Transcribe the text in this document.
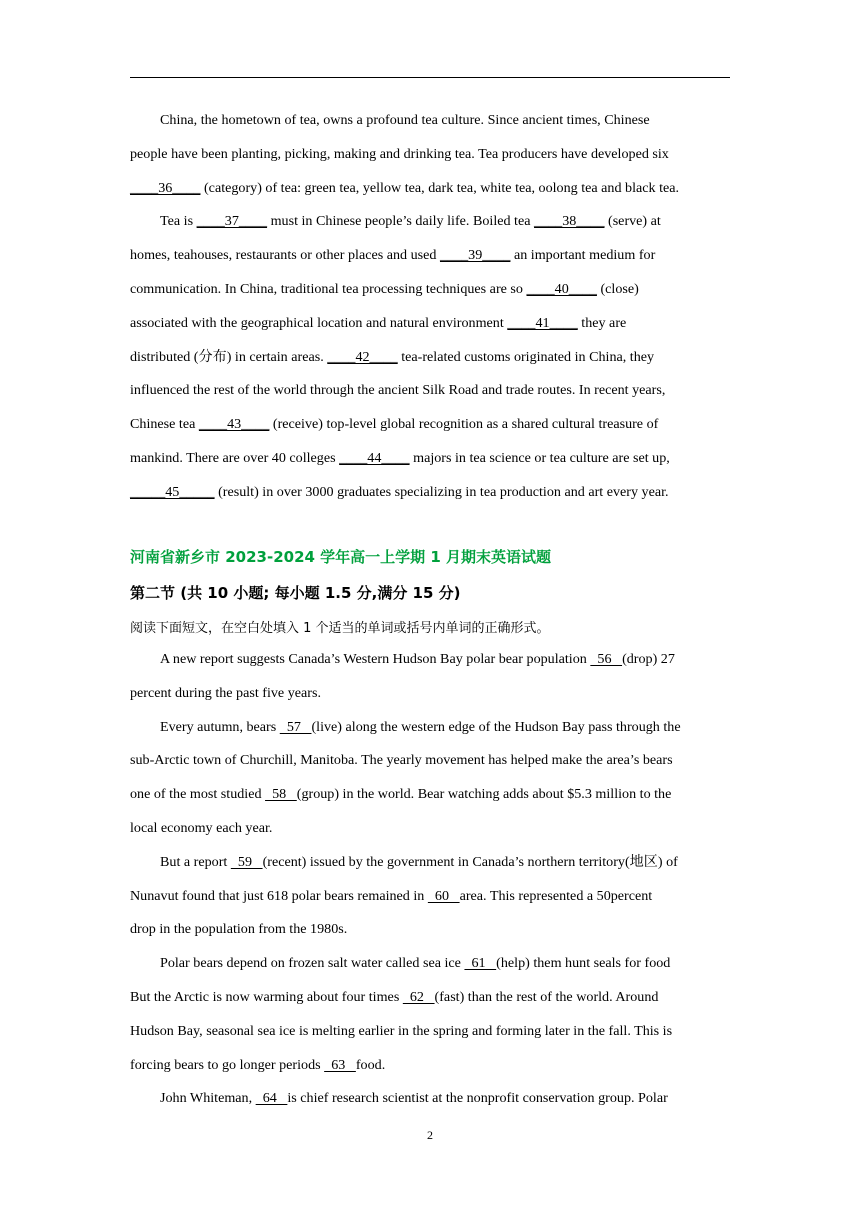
China, the hometown of tea, owns a profound tea culture. Since ancient times, Chinese
people have been planting, picking, making and drinking tea. Tea producers have developed six
____36____ (category) of tea: green tea, yellow tea, dark tea, white tea, oolong tea and black tea.
Tea is ____37____ must in Chinese people’s daily life. Boiled tea ____38____ (serve) at
homes, teahouses, restaurants or other places and used ____39____ an important medium for
communication. In China, traditional tea processing techniques are so ____40____ (close)
associated with the geographical location and natural environment ____41____ they are
distributed (分布) in certain areas. ____42____ tea-related customs originated in China, they
influenced the rest of the world through the ancient Silk Road and trade routes. In recent years,
Chinese tea ____43____ (receive) top-level global recognition as a shared cultural treasure of
mankind. There are over 40 colleges ____44____ majors in tea science or tea culture are set up,
_____45_____ (result) in over 3000 graduates specializing in tea production and art every year.
河南省新乡市 2023-2024 学年高一上学期 1 月期末英语试题
第二节 (共 10 小题; 每小题 1.5 分,满分 15 分)
阅读下面短文，在空白处填入 1 个适当的单词或括号内单词的正确形式。
A new report suggests Canada’s Western Hudson Bay polar bear population   56   (drop) 27
percent during the past five years.
Every autumn, bears   57   (live) along the western edge of the Hudson Bay pass through the
sub-Arctic town of Churchill, Manitoba. The yearly movement has helped make the area’s bears
one of the most studied   58   (group) in the world. Bear watching adds about $5.3 million to the
local economy each year.
But a report   59   (recent) issued by the government in Canada’s northern territory(地区) of
Nunavut found that just 618 polar bears remained in   60   area. This represented a 50percent
drop in the population from the 1980s.
Polar bears depend on frozen salt water called sea ice   61   (help) them hunt seals for food
But the Arctic is now warming about four times   62   (fast) than the rest of the world. Around
Hudson Bay, seasonal sea ice is melting earlier in the spring and forming later in the fall. This is
forcing bears to go longer periods   63   food.
John Whiteman,   64   is chief research scientist at the nonprofit conservation group. Polar
2
